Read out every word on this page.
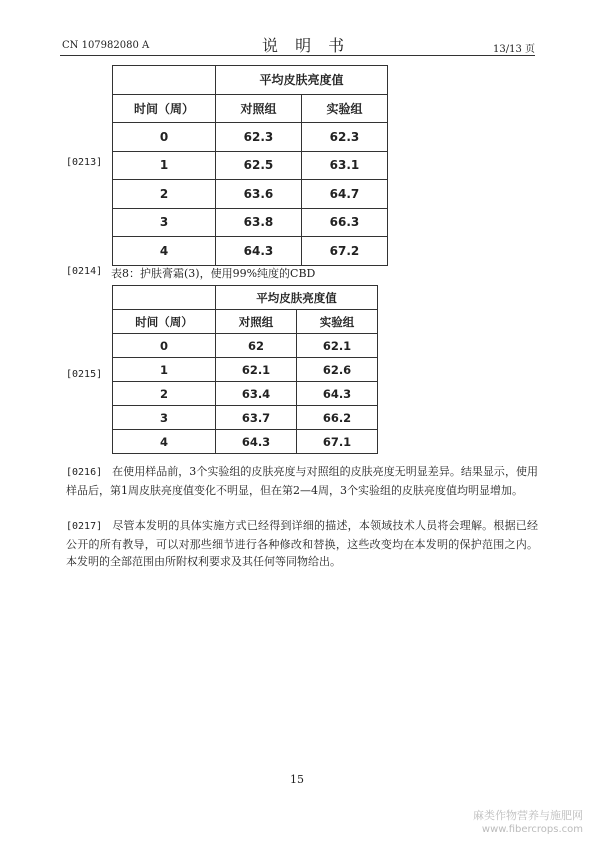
CN 107982080 A	说 明 书	13/13 页
[0213]
	平均皮肤亮度值	
时间（周）	对照组	实验组
0	62.3	62.3
1	62.5	63.1
2	63.6	64.7
3	63.8	66.3
4	64.3	67.2
[0214] 表8：护肤膏霜(3)，使用99%纯度的CBD
[0215]
	平均皮肤亮度值	
时间（周）	对照组	实验组
0	62	62.1
1	62.1	62.6
2	63.4	64.3
3	63.7	66.2
4	64.3	67.1
[0216] 在使用样品前，3个实验组的皮肤亮度与对照组的皮肤亮度无明显差异。结果显示，使用样品后，第1周皮肤亮度值变化不明显，但在第2—4周，3个实验组的皮肤亮度值均明显增加。
[0217] 尽管本发明的具体实施方式已经得到详细的描述，本领域技术人员将会理解。根据已经公开的所有教导，可以对那些细节进行各种修改和替换，这些改变均在本发明的保护范围之内。本发明的全部范围由所附权利要求及其任何等同物给出。
15
麻类作物营养与施肥网
www.fibercrops.com
